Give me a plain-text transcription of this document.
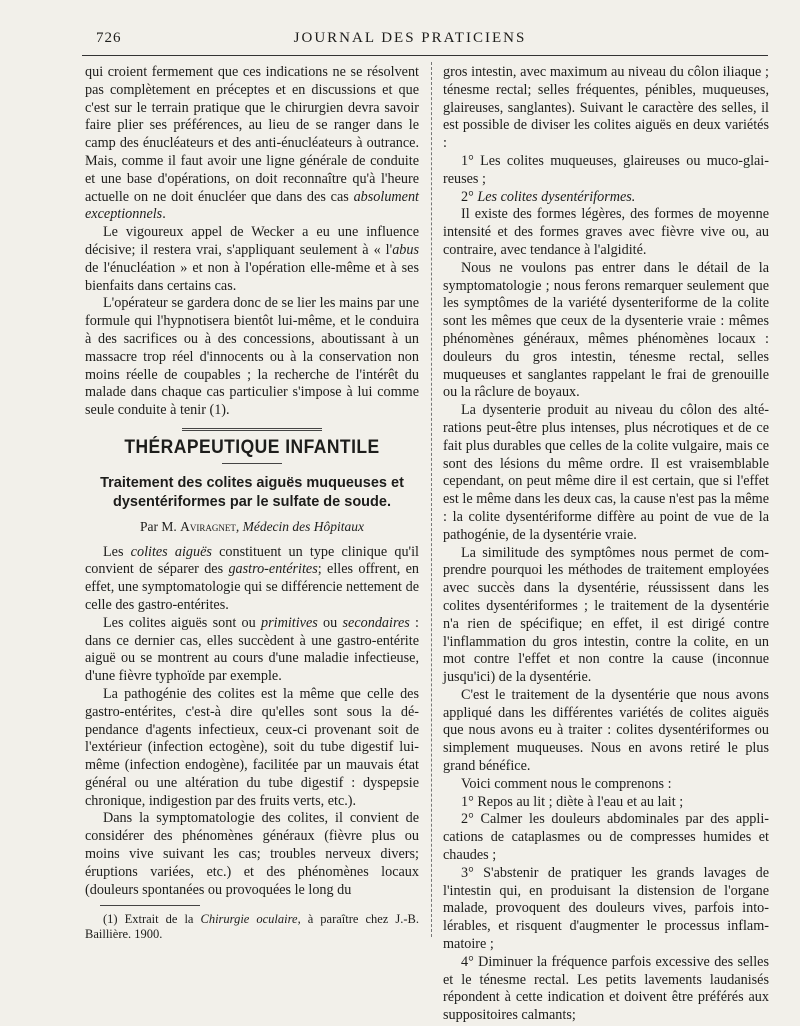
726	JOURNAL DES PRATICIENS

qui croient fermement que ces indications ne se résolvent pas complètement en préceptes et en discussions et que c'est sur le terrain pratique que le chirurgien devra savoir faire plier ses préférences, au lieu de se ranger dans le camp des énucléateurs et des anti-énucléateurs à outrance. Mais, comme il faut avoir une ligne générale de conduite et une base d'opérations, on doit reconnaître qu'à l'heure actuelle on ne doit énucléer que dans des cas absolument exceptionnels.

Le vigoureux appel de Wecker a eu une influence décisive; il restera vrai, s'appliquant seulement à « l'abus de l'énucléation » et non à l'opération elle-même et à ses bienfaits dans certains cas.

L'opérateur se gardera donc de se lier les mains par une formule qui l'hypnotisera bientôt lui-même, et le conduira à des sacrifices ou à des concessions, aboutissant à un massacre trop réel d'innocents ou à la conservation non moins réelle de coupables ; la recherche de l'intérêt du malade dans chaque cas particulier s'impose à lui comme seule conduite à tenir (1).

THÉRAPEUTIQUE INFANTILE
Traitement des colites aiguës muqueuses et dysentériformes par le sulfate de soude.
Par M. Aviragnet, Médecin des Hôpitaux

Les colites aiguës constituent un type clinique qu'il convient de séparer des gastro-entérites; elles offrent, en effet, une symptomatologie qui se différencie nettement de celle des gastro-entérites.

Les colites aiguës sont ou primitives ou secondaires : dans ce dernier cas, elles succèdent à une gastro-entérite aiguë ou se montrent au cours d'une maladie infectieuse, d'une fièvre typhoïde par exemple.

La pathogénie des colites est la même que celle des gastro-entérites, c'est-à dire qu'elles sont sous la dépendance d'agents infectieux, ceux-ci provenant soit de l'extérieur (infection ectogène), soit du tube digestif lui-même (infection endogène), facilitée par un mauvais état général ou une altération du tube digestif : dyspepsie chronique, indigestion par des fruits verts, etc.).

Dans la symptomatologie des colites, il convient de considérer des phénomènes généraux (fièvre plus ou moins vive suivant les cas; troubles nerveux divers; éruptions variées, etc.) et des phénomènes locaux (douleurs spontanées ou provoquées le long du

(1) Extrait de la Chirurgie oculaire, à paraître chez J.-B. Baillière. 1900.

gros intestin, avec maximum au niveau du côlon iliaque ; ténesme rectal; selles fréquentes, pénibles, muqueuses, glaireuses, sanglantes). Suivant le caractère des selles, il est possible de diviser les colites aiguës en deux variétés :

1° Les colites muqueuses, glaireuses ou muco-glaireuses ;

2° Les colites dysentériformes.

Il existe des formes légères, des formes de moyenne intensité et des formes graves avec fièvre vive ou, au contraire, avec tendance à l'algidité.

Nous ne voulons pas entrer dans le détail de la symptomatologie ; nous ferons remarquer seulement que les symptômes de la variété dysenteriforme de la colite sont les mêmes que ceux de la dysenterie vraie : mêmes phénomènes généraux, mêmes phénomènes locaux : douleurs du gros intestin, ténesme rectal, selles muqueuses et sanglantes rappelant le frai de grenouille ou la râclure de boyaux.

La dysenterie produit au niveau du côlon des altérations peut-être plus intenses, plus nécrotiques et de ce fait plus durables que celles de la colite vulgaire, mais ce sont des lésions du même ordre. Il est vraisemblable cependant, on peut même dire il est certain, que si l'effet est le même dans les deux cas, la cause n'est pas la même : la colite dysentériforme diffère au point de vue de la pathogénie, de la dysentérie vraie.

La similitude des symptômes nous permet de comprendre pourquoi les méthodes de traitement employées avec succès dans la dysentérie, réussissent dans les colites dysentériformes ; le traitement de la dysentérie n'a rien de spécifique; en effet, il est dirigé contre l'inflammation du gros intestin, contre la colite, en un mot contre l'effet et non contre la cause (inconnue jusqu'ici) de la dysentérie.

C'est le traitement de la dysentérie que nous avons appliqué dans les différentes variétés de colites aiguës que nous avons eu à traiter : colites dysentériformes ou simplement muqueuses. Nous en avons retiré le plus grand bénéfice.

Voici comment nous le comprenons :

1° Repos au lit ; diète à l'eau et au lait ;

2° Calmer les douleurs abdominales par des applications de cataplasmes ou de compresses humides et chaudes ;

3° S'abstenir de pratiquer les grands lavages de l'intestin qui, en produisant la distension de l'organe malade, provoquent des douleurs vives, parfois intolérables, et risquent d'augmenter le processus inflammatoire ;

4° Diminuer la fréquence parfois excessive des selles et le ténesme rectal. Les petits lavements laudanisés répondent à cette indication et doivent être préférés aux suppositoires calmants;
